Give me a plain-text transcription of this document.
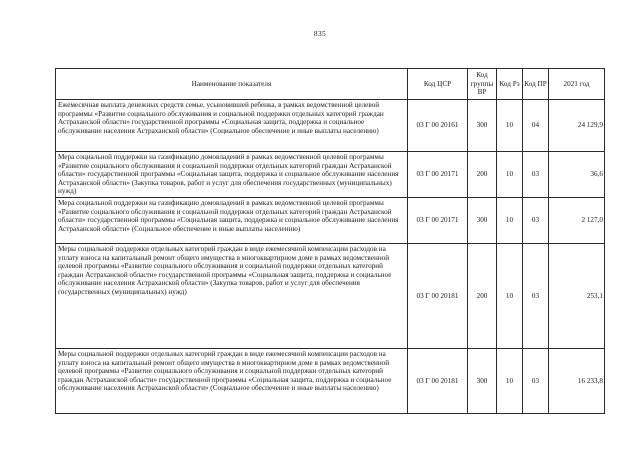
835
Наименование показателя	Код ЦСР	Код группы ВР	Код Рз	Код ПР	2021 год
Ежемесячная выплата денежных средств семье, усыновившей ребенка, в рамках ведомственной целевой программы «Развитие социального обслуживания и социальной поддержки отдельных категорий граждан Астраханской области» государственной программы «Социальная защита, поддержка и социальное обслуживание населения Астраханской области» (Социальное обеспечение и иные выплаты населению)	03 Г 00 20161	300	10	04	24 129,9
Мера социальной поддержки на газификацию домовладений в рамках ведомственной целевой программы «Развитие социального обслуживания и социальной поддержки отдельных категорий граждан Астраханской области» государственной программы «Социальная защита, поддержка и социальное обслуживание населения Астраханской области» (Закупка товаров, работ и услуг для обеспечения государственных (муниципальных) нужд)	03 Г 00 20171	200	10	03	36,6
Мера социальной поддержки на газификацию домовладений в рамках ведомственной целевой программы «Развитие социального обслуживания и социальной поддержки отдельных категорий граждан Астраханской области» государственной программы «Социальная защита, поддержка и социальное обслуживание населения Астраханской области» (Социальное обеспечение и иные выплаты населению)	03 Г 00 20171	300	10	03	2 127,0
Меры социальной поддержки отдельных категорий граждан в виде ежемесячной компенсации расходов на уплату взноса на капитальный ремонт общего имущества в многоквартирном доме в рамках ведомственной целевой программы «Развитие социального обслуживания и социальной поддержки отдельных категорий граждан Астраханской области» государственной программы «Социальная защита, поддержка и социальное обслуживание населения Астраханской области» (Закупка товаров, работ и услуг для обеспечения государственных (муниципальных) нужд)	03 Г 00 20181	200	10	03	253,1
Меры социальной поддержки отдельных категорий граждан в виде ежемесячной компенсации расходов на уплату взноса на капитальный ремонт общего имущества в многоквартирном доме в рамках ведомственной целевой программы «Развитие социального обслуживания и социальной поддержки отдельных категорий граждан Астраханской области» государственной программы «Социальная защита, поддержка и социальное обслуживание населения Астраханской области» (Социальное обеспечение и иные выплаты населению)	03 Г 00 20181	300	10	03	16 233,8
